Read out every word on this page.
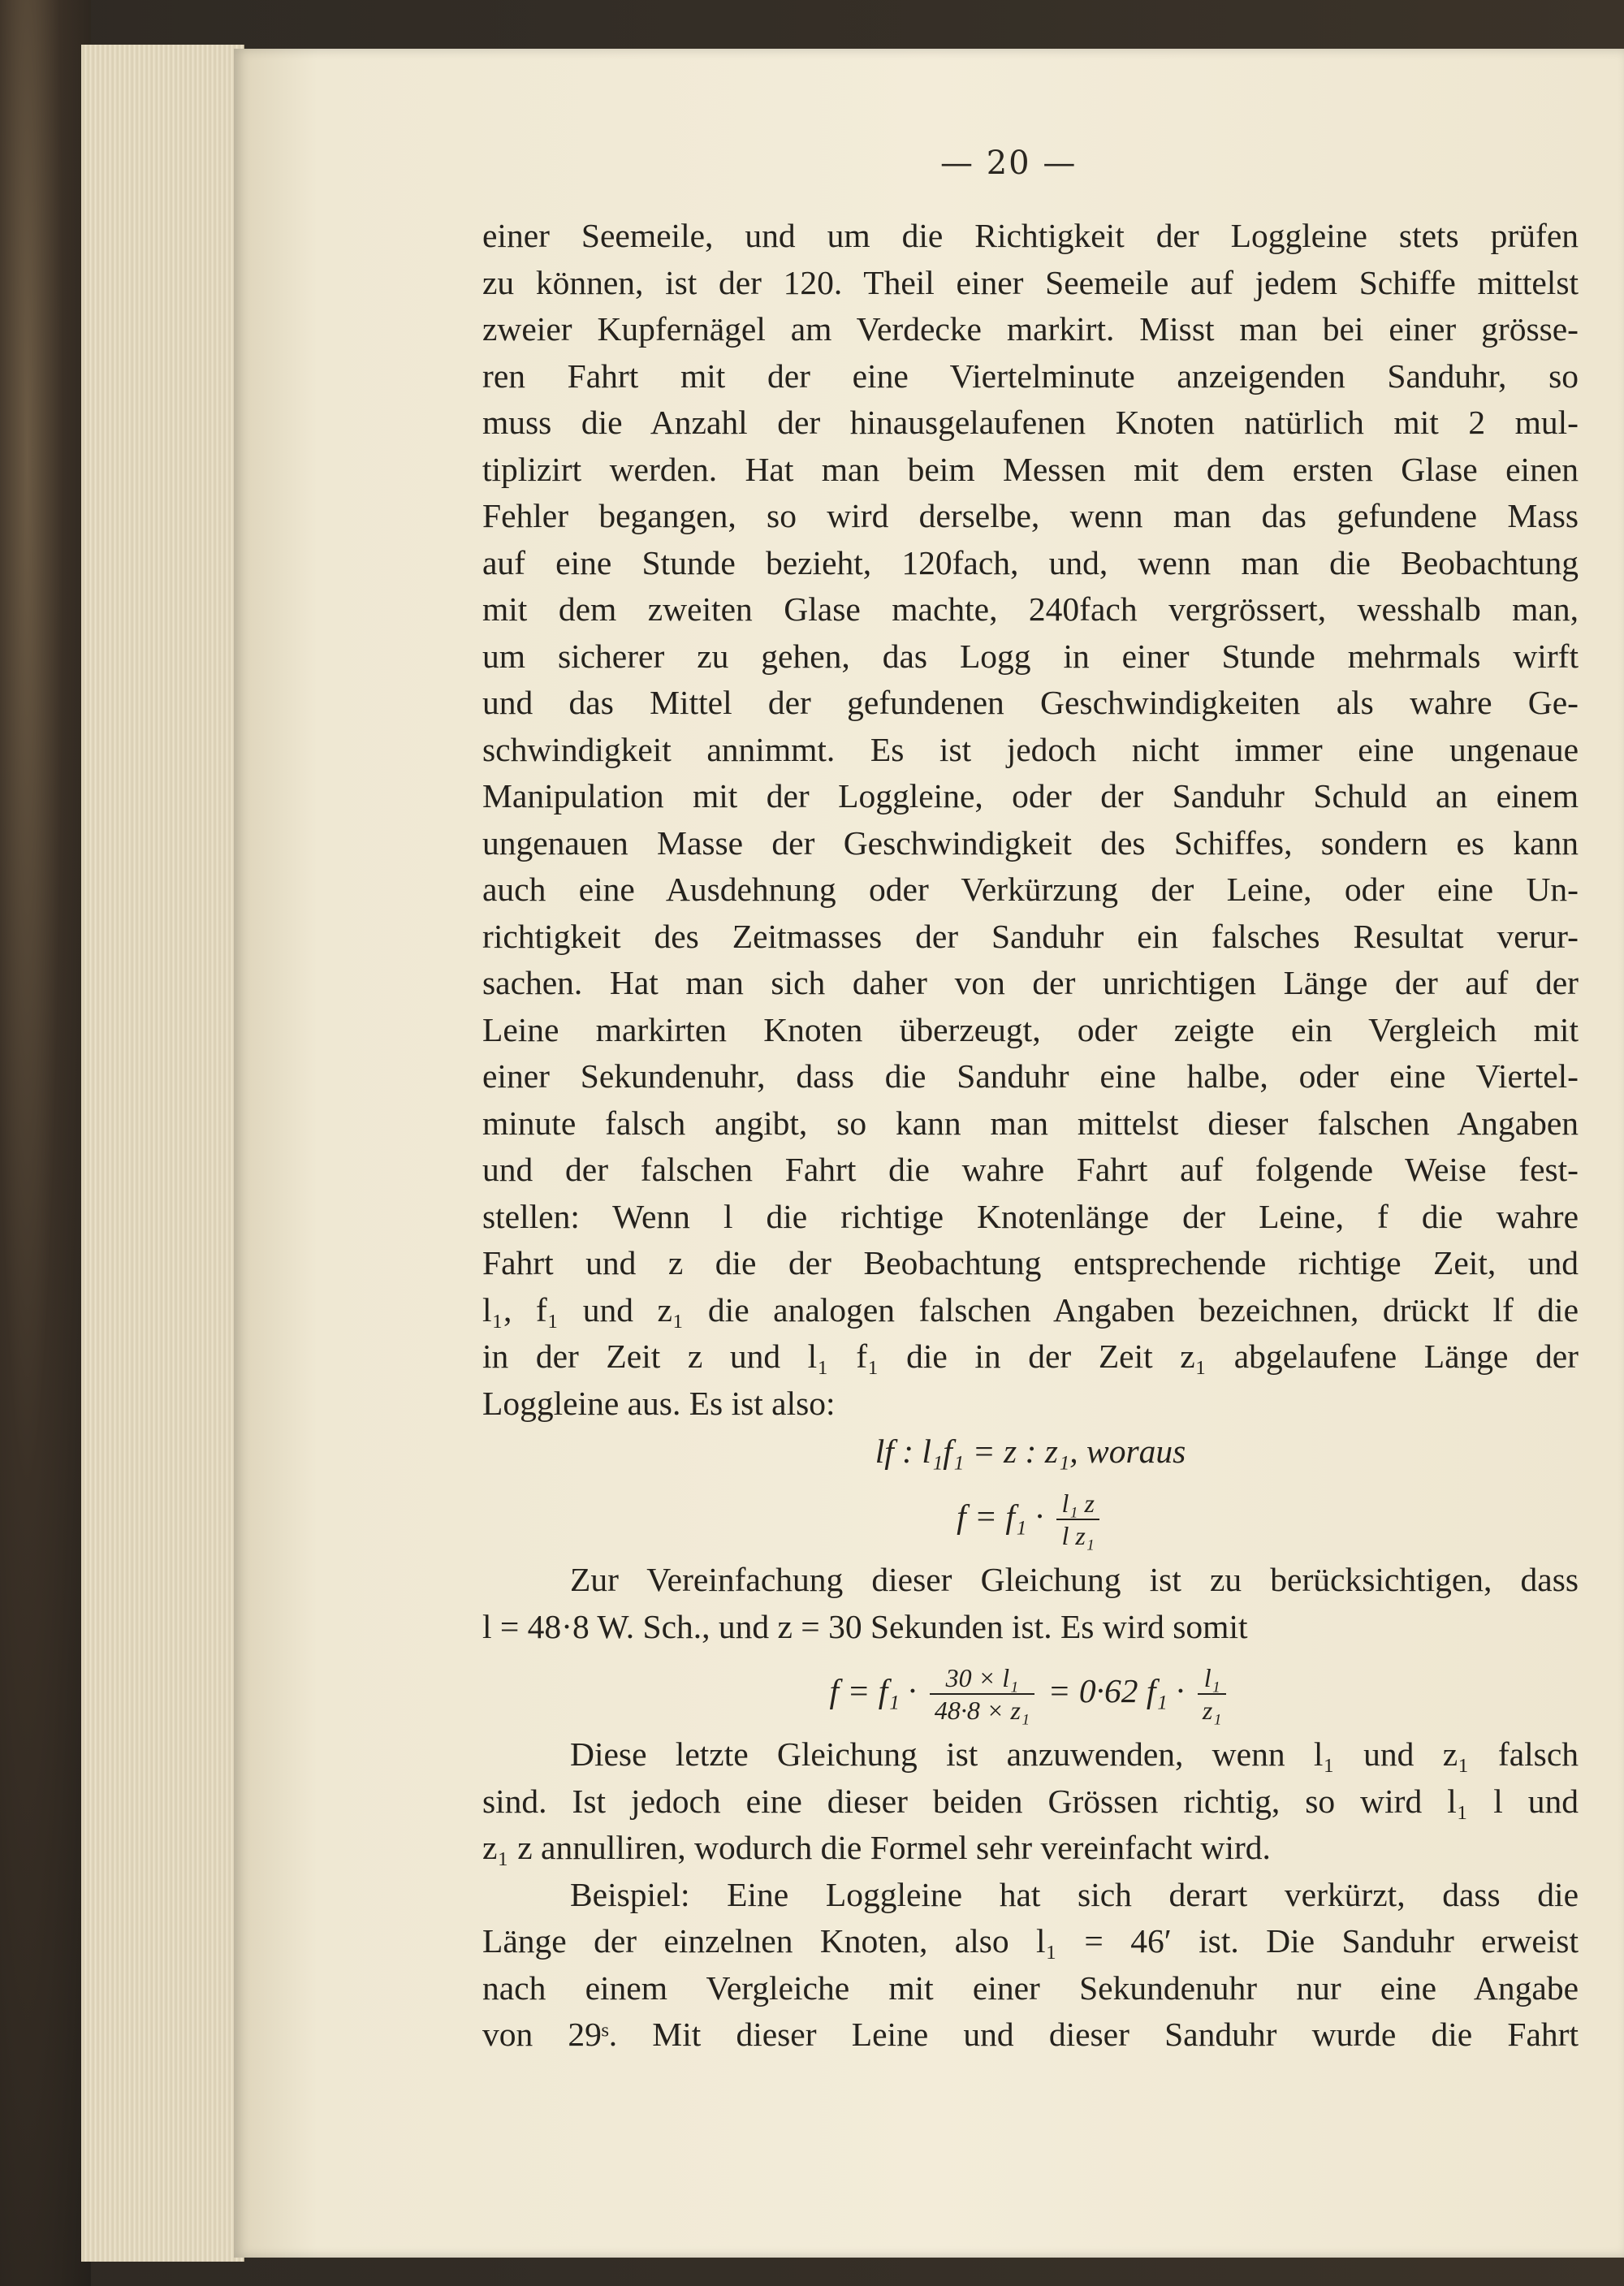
— 20 —
einer Seemeile, und um die Richtigkeit der Loggleine stets prüfen
zu können, ist der 120. Theil einer Seemeile auf jedem Schiffe mittelst
zweier Kupfernägel am Verdecke markirt. Misst man bei einer grösse-
ren Fahrt mit der eine Viertelminute anzeigenden Sanduhr, so
muss die Anzahl der hinausgelaufenen Knoten natürlich mit 2 mul-
tiplizirt werden. Hat man beim Messen mit dem ersten Glase einen
Fehler begangen, so wird derselbe, wenn man das gefundene Mass
auf eine Stunde bezieht, 120fach, und, wenn man die Beobachtung
mit dem zweiten Glase machte, 240fach vergrössert, wesshalb man,
um sicherer zu gehen, das Logg in einer Stunde mehrmals wirft
und das Mittel der gefundenen Geschwindigkeiten als wahre Ge-
schwindigkeit annimmt. Es ist jedoch nicht immer eine ungenaue
Manipulation mit der Loggleine, oder der Sanduhr Schuld an einem
ungenauen Masse der Geschwindigkeit des Schiffes, sondern es kann
auch eine Ausdehnung oder Verkürzung der Leine, oder eine Un-
richtigkeit des Zeitmasses der Sanduhr ein falsches Resultat verur-
sachen. Hat man sich daher von der unrichtigen Länge der auf der
Leine markirten Knoten überzeugt, oder zeigte ein Vergleich mit
einer Sekundenuhr, dass die Sanduhr eine halbe, oder eine Viertel-
minute falsch angibt, so kann man mittelst dieser falschen Angaben
und der falschen Fahrt die wahre Fahrt auf folgende Weise fest-
stellen: Wenn l die richtige Knotenlänge der Leine, f die wahre
Fahrt und z die der Beobachtung entsprechende richtige Zeit, und
l₁, f₁ und z₁ die analogen falschen Angaben bezeichnen, drückt lf die
in der Zeit z und l₁ f₁ die in der Zeit z₁ abgelaufene Länge der
Loggleine aus. Es ist also:
lf : l₁f₁ = z : z₁, woraus
$f = f_1 \cdot \frac{\text{l₁ z}}{\text{l z₁}}$
Zur Vereinfachung dieser Gleichung ist zu berücksichtigen, dass
l = 48·8 W. Sch., und z = 30 Sekunden ist. Es wird somit
$f = f_1 \cdot \frac{\text{30 × l₁}}{\text{48·8 × z₁}} = 0\cdot 62$ $f_1 \cdot \frac{\text{l₁}}{\text{z₁}}$
Diese letzte Gleichung ist anzuwenden, wenn l₁ und z₁ falsch
sind. Ist jedoch eine dieser beiden Grössen richtig, so wird l₁ l und
z₁ z annulliren, wodurch die Formel sehr vereinfacht wird.
Beispiel: Eine Loggleine hat sich derart verkürzt, dass die
Länge der einzelnen Knoten, also l₁ = 46′ ist. Die Sanduhr erweist
nach einem Vergleiche mit einer Sekundenuhr nur eine Angabe
von 29ˢ. Mit dieser Leine und dieser Sanduhr wurde die Fahrt
